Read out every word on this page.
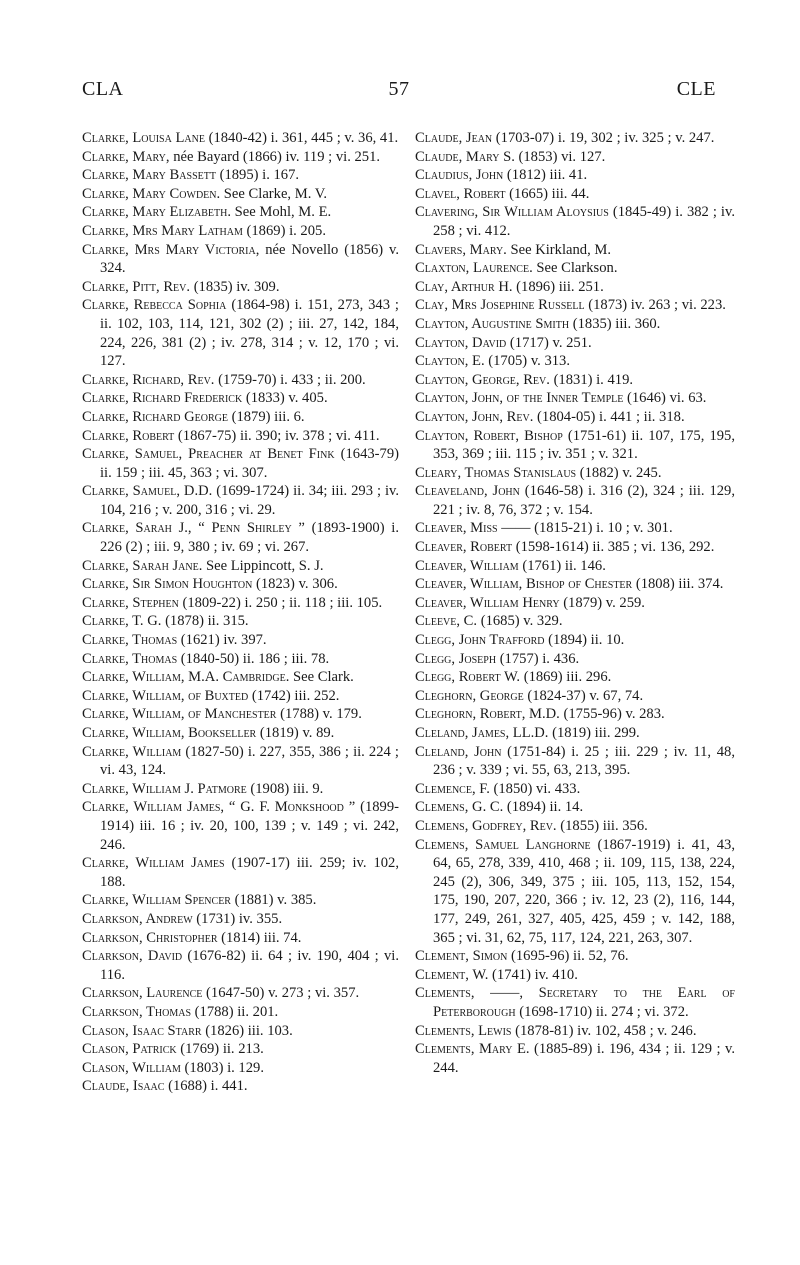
CLA	57	CLE

Clarke, Louisa Lane (1840-42) i. 361, 445 ; v. 36, 41.

Clarke, Mary, née Bayard (1866) iv. 119 ; vi. 251.

Clarke, Mary Bassett (1895) i. 167.

Clarke, Mary Cowden. See Clarke, M. V.

Clarke, Mary Elizabeth. See Mohl, M. E.

Clarke, Mrs Mary Latham (1869) i. 205.

Clarke, Mrs Mary Victoria, née Novello (1856) v. 324.

Clarke, Pitt, Rev. (1835) iv. 309.

Clarke, Rebecca Sophia (1864-98) i. 151, 273, 343 ; ii. 102, 103, 114, 121, 302 (2) ; iii. 27, 142, 184, 224, 226, 381 (2) ; iv. 278, 314 ; v. 12, 170 ; vi. 127.

Clarke, Richard, Rev. (1759-70) i. 433 ; ii. 200.

Clarke, Richard Frederick (1833) v. 405.

Clarke, Richard George (1879) iii. 6.

Clarke, Robert (1867-75) ii. 390; iv. 378 ; vi. 411.

Clarke, Samuel, Preacher at Benet Fink (1643-79) ii. 159 ; iii. 45, 363 ; vi. 307.

Clarke, Samuel, D.D. (1699-1724) ii. 34; iii. 293 ; iv. 104, 216 ; v. 200, 316 ; vi. 29.

Clarke, Sarah J., “ Penn Shirley ” (1893-1900) i. 226 (2) ; iii. 9, 380 ; iv. 69 ; vi. 267.

Clarke, Sarah Jane. See Lippincott, S. J.

Clarke, Sir Simon Houghton (1823) v. 306.

Clarke, Stephen (1809-22) i. 250 ; ii. 118 ; iii. 105.

Clarke, T. G. (1878) ii. 315.

Clarke, Thomas (1621) iv. 397.

Clarke, Thomas (1840-50) ii. 186 ; iii. 78.

Clarke, William, M.A. Cambridge. See Clark.

Clarke, William, of Buxted (1742) iii. 252.

Clarke, William, of Manchester (1788) v. 179.

Clarke, William, Bookseller (1819) v. 89.

Clarke, William (1827-50) i. 227, 355, 386 ; ii. 224 ; vi. 43, 124.

Clarke, William J. Patmore (1908) iii. 9.

Clarke, William James, “ G. F. Monkshood ” (1899-1914) iii. 16 ; iv. 20, 100, 139 ; v. 149 ; vi. 242, 246.

Clarke, William James (1907-17) iii. 259; iv. 102, 188.

Clarke, William Spencer (1881) v. 385.

Clarkson, Andrew (1731) iv. 355.

Clarkson, Christopher (1814) iii. 74.

Clarkson, David (1676-82) ii. 64 ; iv. 190, 404 ; vi. 116.

Clarkson, Laurence (1647-50) v. 273 ; vi. 357.

Clarkson, Thomas (1788) ii. 201.

Clason, Isaac Starr (1826) iii. 103.

Clason, Patrick (1769) ii. 213.

Clason, William (1803) i. 129.

Claude, Isaac (1688) i. 441.

Claude, Jean (1703-07) i. 19, 302 ; iv. 325 ; v. 247.

Claude, Mary S. (1853) vi. 127.

Claudius, John (1812) iii. 41.

Clavel, Robert (1665) iii. 44.

Clavering, Sir William Aloysius (1845-49) i. 382 ; iv. 258 ; vi. 412.

Clavers, Mary. See Kirkland, M.

Claxton, Laurence. See Clarkson.

Clay, Arthur H. (1896) iii. 251.

Clay, Mrs Josephine Russell (1873) iv. 263 ; vi. 223.

Clayton, Augustine Smith (1835) iii. 360.

Clayton, David (1717) v. 251.

Clayton, E. (1705) v. 313.

Clayton, George, Rev. (1831) i. 419.

Clayton, John, of the Inner Temple (1646) vi. 63.

Clayton, John, Rev. (1804-05) i. 441 ; ii. 318.

Clayton, Robert, Bishop (1751-61) ii. 107, 175, 195, 353, 369 ; iii. 115 ; iv. 351 ; v. 321.

Cleary, Thomas Stanislaus (1882) v. 245.

Cleaveland, John (1646-58) i. 316 (2), 324 ; iii. 129, 221 ; iv. 8, 76, 372 ; v. 154.

Cleaver, Miss —— (1815-21) i. 10 ; v. 301.

Cleaver, Robert (1598-1614) ii. 385 ; vi. 136, 292.

Cleaver, William (1761) ii. 146.

Cleaver, William, Bishop of Chester (1808) iii. 374.

Cleaver, William Henry (1879) v. 259.

Cleeve, C. (1685) v. 329.

Clegg, John Trafford (1894) ii. 10.

Clegg, Joseph (1757) i. 436.

Clegg, Robert W. (1869) iii. 296.

Cleghorn, George (1824-37) v. 67, 74.

Cleghorn, Robert, M.D. (1755-96) v. 283.

Cleland, James, LL.D. (1819) iii. 299.

Cleland, John (1751-84) i. 25 ; iii. 229 ; iv. 11, 48, 236 ; v. 339 ; vi. 55, 63, 213, 395.

Clemence, F. (1850) vi. 433.

Clemens, G. C. (1894) ii. 14.

Clemens, Godfrey, Rev. (1855) iii. 356.

Clemens, Samuel Langhorne (1867-1919) i. 41, 43, 64, 65, 278, 339, 410, 468 ; ii. 109, 115, 138, 224, 245 (2), 306, 349, 375 ; iii. 105, 113, 152, 154, 175, 190, 207, 220, 366 ; iv. 12, 23 (2), 116, 144, 177, 249, 261, 327, 405, 425, 459 ; v. 142, 188, 365 ; vi. 31, 62, 75, 117, 124, 221, 263, 307.

Clement, Simon (1695-96) ii. 52, 76.

Clement, W. (1741) iv. 410.

Clements, ——, Secretary to the Earl of Peterborough (1698-1710) ii. 274 ; vi. 372.

Clements, Lewis (1878-81) iv. 102, 458 ; v. 246.

Clements, Mary E. (1885-89) i. 196, 434 ; ii. 129 ; v. 244.
